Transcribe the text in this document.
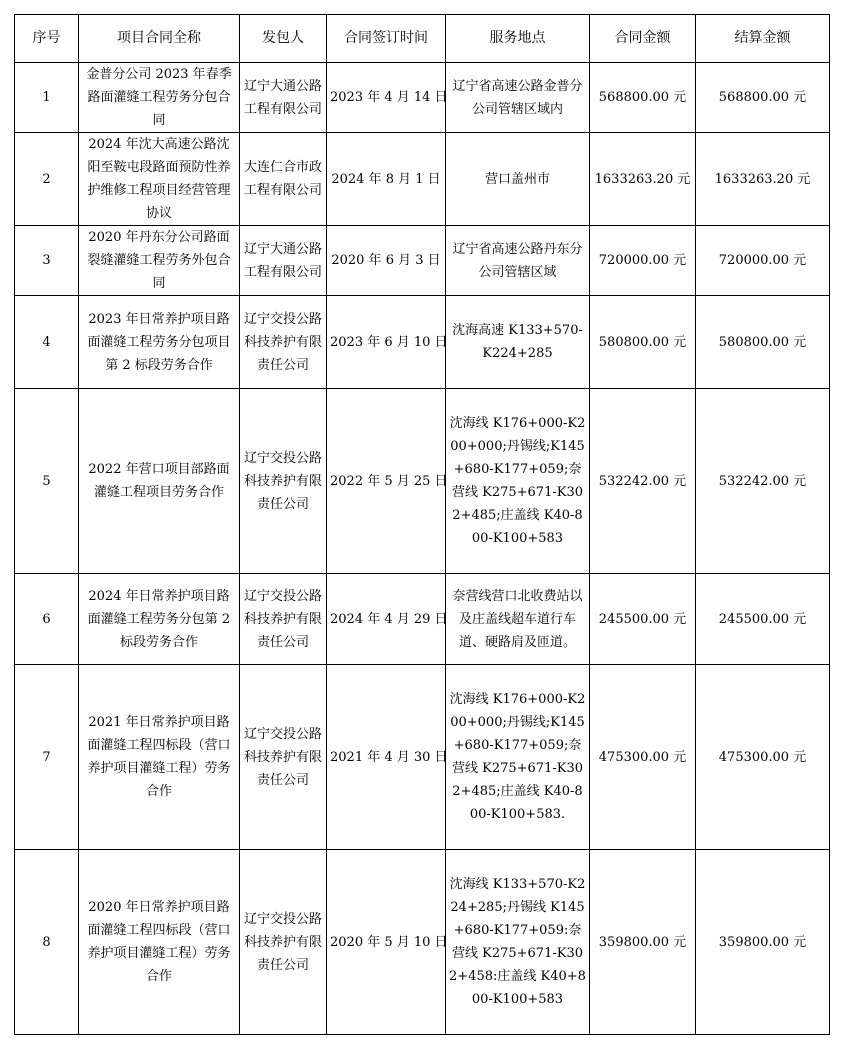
序号	项目合同全称	发包人	合同签订时间	服务地点	合同金额	结算金额
1	金普分公司 2023 年春季路面灌缝工程劳务分包合同	辽宁大通公路工程有限公司	2023 年 4 月 14 日	辽宁省高速公路金普分公司管辖区域内	568800.00 元	568800.00 元
2	2024 年沈大高速公路沈阳至鞍屯段路面预防性养护维修工程项目经营管理协议	大连仁合市政工程有限公司	2024 年 8 月 1 日	营口盖州市	1633263.20 元	1633263.20 元
3	2020 年丹东分公司路面裂缝灌缝工程劳务外包合同	辽宁大通公路工程有限公司	2020 年 6 月 3 日	辽宁省高速公路丹东分公司管辖区域	720000.00 元	720000.00 元
4	2023 年日常养护项目路面灌缝工程劳务分包项目第 2 标段劳务合作	辽宁交投公路科技养护有限责任公司	2023 年 6 月 10 日	沈海高速 K133+570-K224+285	580800.00 元	580800.00 元
5	2022 年营口项目部路面灌缝工程项目劳务合作	辽宁交投公路科技养护有限责任公司	2022 年 5 月 25 日	沈海线 K176+000-K200+000;丹锡线;K145+680-K177+059;奈营线 K275+671-K302+485;庄盖线 K40-800-K100+583	532242.00 元	532242.00 元
6	2024 年日常养护项目路面灌缝工程劳务分包第 2 标段劳务合作	辽宁交投公路科技养护有限责任公司	2024 年 4 月 29 日	奈营线营口北收费站以及庄盖线超车道行车道、硬路肩及匝道。	245500.00 元	245500.00 元
7	2021 年日常养护项目路面灌缝工程四标段（营口养护项目灌缝工程）劳务合作	辽宁交投公路科技养护有限责任公司	2021 年 4 月 30 日	沈海线 K176+000-K200+000;丹锡线;K145+680-K177+059;奈营线 K275+671-K302+485;庄盖线 K40-800-K100+583.	475300.00 元	475300.00 元
8	2020 年日常养护项目路面灌缝工程四标段（营口养护项目灌缝工程）劳务合作	辽宁交投公路科技养护有限责任公司	2020 年 5 月 10 日	沈海线 K133+570-K224+285;丹锡线 K145+680-K177+059:奈营线 K275+671-K302+458:庄盖线 K40+800-K100+583	359800.00 元	359800.00 元
